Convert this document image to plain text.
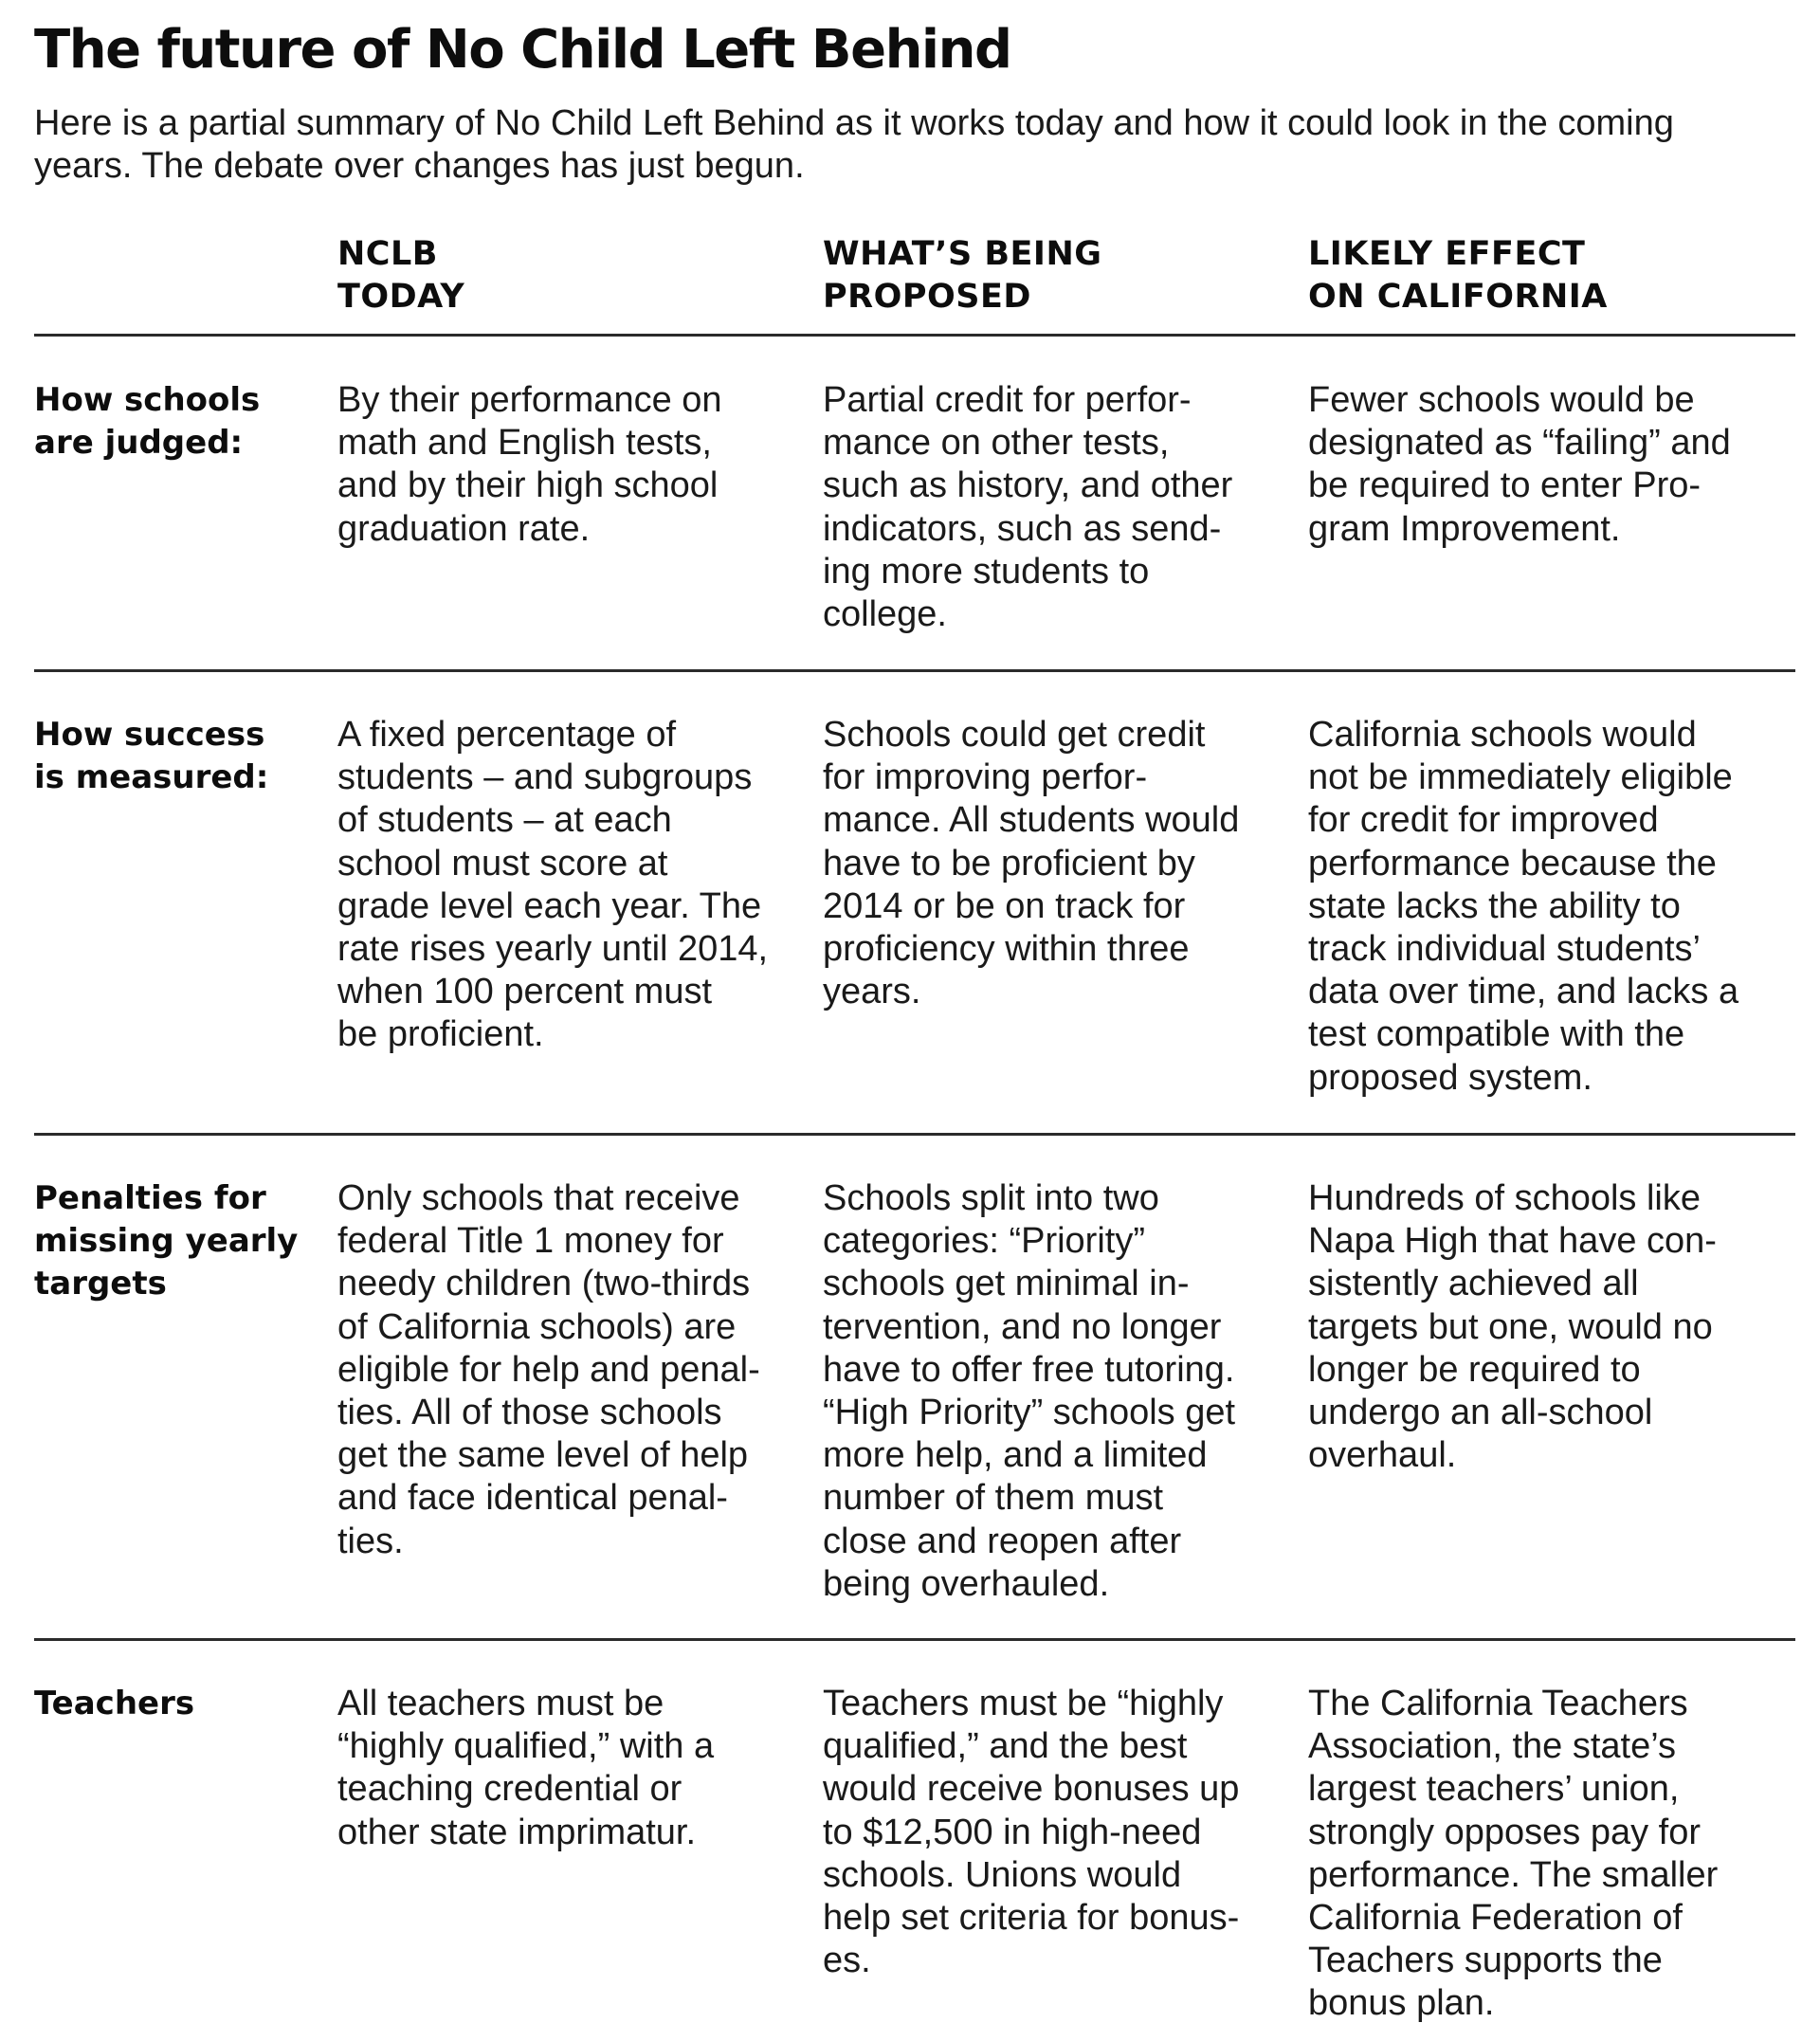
The future of No Child Left Behind
Here is a partial summary of No Child Left Behind as it works today and how it could look in the coming years. The debate over changes has just begun.
NCLB
TODAY
WHAT’S BEING
PROPOSED
LIKELY EFFECT
ON CALIFORNIA
How schools
are judged:
By their performance on
math and English tests,
and by their high school
graduation rate.
Partial credit for perfor-
mance on other tests,
such as history, and other
indicators, such as send-
ing more students to
college.
Fewer schools would be
designated as “failing” and
be required to enter Pro-
gram Improvement.
How success
is measured:
A fixed percentage of
students – and subgroups
of students – at each
school must score at
grade level each year. The
rate rises yearly until 2014,
when 100 percent must
be proficient.
Schools could get credit
for improving perfor-
mance. All students would
have to be proficient by
2014 or be on track for
proficiency within three
years.
California schools would
not be immediately eligible
for credit for improved
performance because the
state lacks the ability to
track individual students’
data over time, and lacks a
test compatible with the
proposed system.
Penalties for
missing yearly
targets
Only schools that receive
federal Title 1 money for
needy children (two-thirds
of California schools) are
eligible for help and penal-
ties. All of those schools
get the same level of help
and face identical penal-
ties.
Schools split into two
categories: “Priority”
schools get minimal in-
tervention, and no longer
have to offer free tutoring.
“High Priority” schools get
more help, and a limited
number of them must
close and reopen after
being overhauled.
Hundreds of schools like
Napa High that have con-
sistently achieved all
targets but one, would no
longer be required to
undergo an all-school
overhaul.
Teachers	All teachers must be
“highly qualified,” with a
teaching credential or
other state imprimatur.
Teachers must be “highly
qualified,” and the best
would receive bonuses up
to $12,500 in high-need
schools. Unions would
help set criteria for bonus-
es.
The California Teachers
Association, the state’s
largest teachers’ union,
strongly opposes pay for
performance. The smaller
California Federation of
Teachers supports the
bonus plan.
